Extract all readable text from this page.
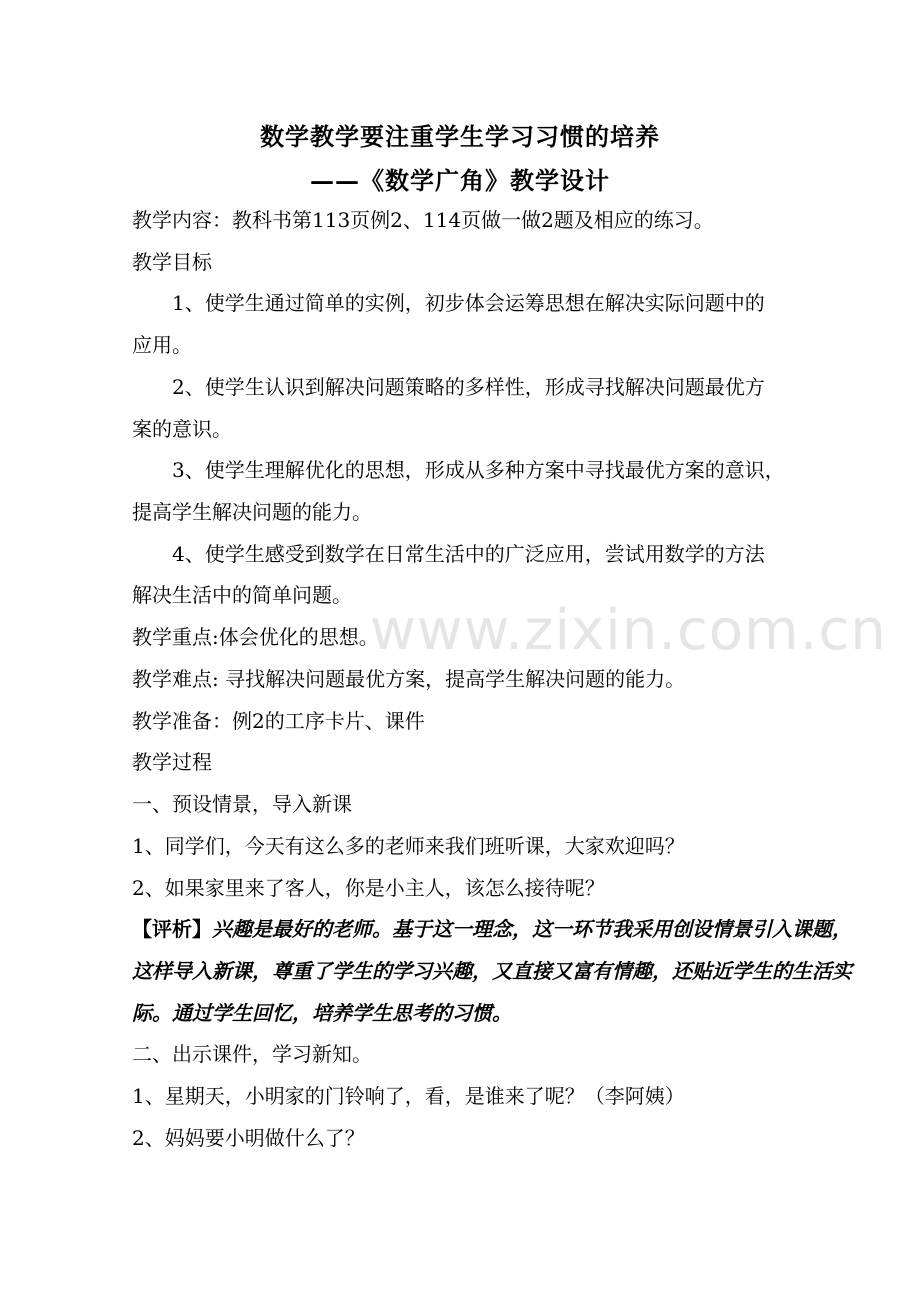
数学教学要注重学生学习习惯的培养
——《数学广角》教学设计
教学内容：教科书第113页例2、114页做一做2题及相应的练习。
教学目标
1、使学生通过简单的实例，初步体会运筹思想在解决实际问题中的
应用。
2、使学生认识到解决问题策略的多样性，形成寻找解决问题最优方
案的意识。
3、使学生理解优化的思想，形成从多种方案中寻找最优方案的意识，
提高学生解决问题的能力。
4、使学生感受到数学在日常生活中的广泛应用，尝试用数学的方法
解决生活中的简单问题。
教学重点:体会优化的思想。
教学难点: 寻找解决问题最优方案，提高学生解决问题的能力。
教学准备：例2的工序卡片、课件
教学过程
一、预设情景，导入新课
1、同学们，今天有这么多的老师来我们班听课，大家欢迎吗？
2、如果家里来了客人，你是小主人，该怎么接待呢？
【评析】兴趣是最好的老师。基于这一理念，这一环节我采用创设情景引入课题，
这样导入新课，尊重了学生的学习兴趣，又直接又富有情趣，还贴近学生的生活实
际。通过学生回忆，培养学生思考的习惯。
二、出示课件，学习新知。
1、星期天，小明家的门铃响了，看，是谁来了呢？（李阿姨）
2、妈妈要小明做什么了？
www.zixin.com.cn
